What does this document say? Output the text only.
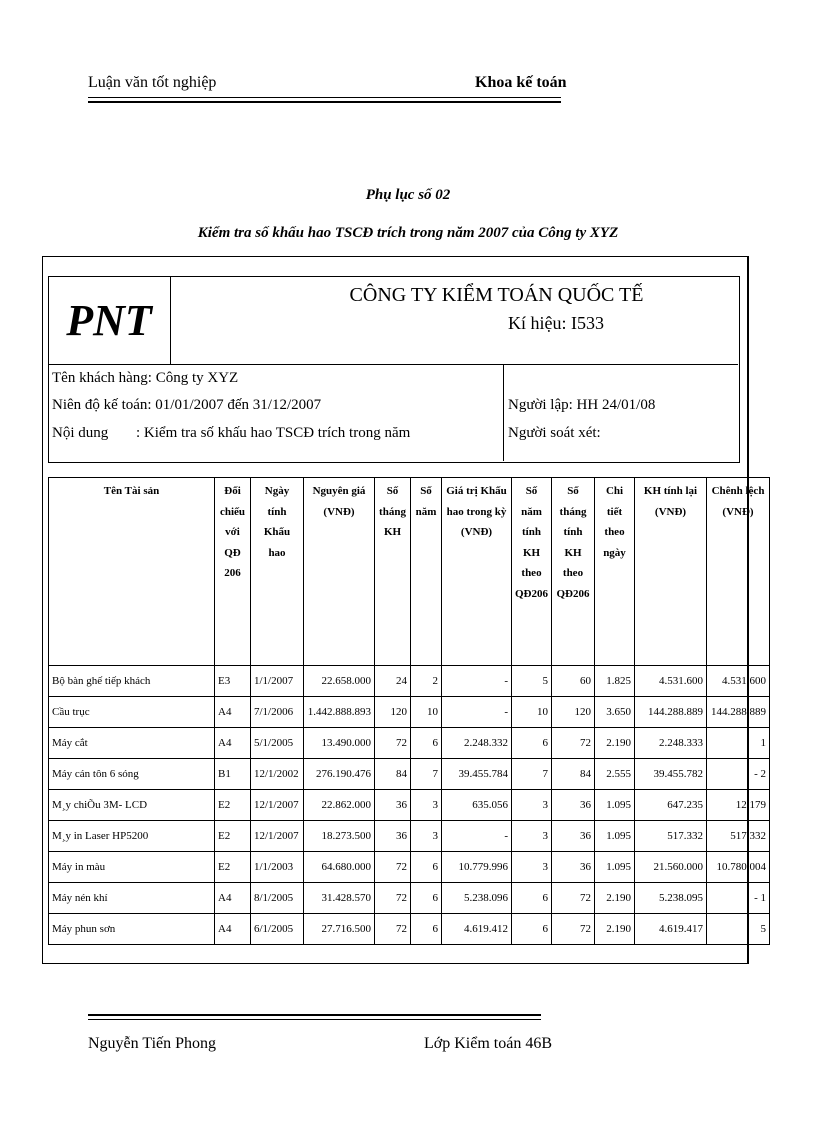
Luận văn tốt nghiệp	Khoa kế toán
Phụ lục số 02
Kiểm tra số khấu hao TSCĐ trích trong năm 2007 của Công ty XYZ
PNT
CÔNG TY KIỂM TOÁN QUỐC TẾ
Kí hiệu: I533
Tên khách hàng: Công ty XYZ
Niên độ kế toán: 01/01/2007 đến 31/12/2007
Nội dung : Kiểm tra số khấu hao TSCĐ trích trong năm
Người lập: HH 24/01/08
Người soát xét:
Tên Tài sản	Đối chiếu với QĐ 206	Ngày tính Khấu hao	Nguyên giá (VNĐ)	Số tháng KH	Số năm	Giá trị Khấu hao trong kỳ (VNĐ)	Số năm tính KH theo QĐ206	Số tháng tính KH theo QĐ206	Chi tiết theo ngày	KH tính lại (VNĐ)	Chênh lệch (VNĐ)
Bộ bàn ghế tiếp khách	E3	1/1/2007	22.658.000	24	2	-	5	60	1.825	4.531.600	4.531.600
Cầu trục	A4	7/1/2006	1.442.888.893	120	10	-	10	120	3.650	144.288.889	144.288.889
Máy cắt	A4	5/1/2005	13.490.000	72	6	2.248.332	6	72	2.190	2.248.333	1
Máy cán tôn 6 sóng	B1	12/1/2002	276.190.476	84	7	39.455.784	7	84	2.555	39.455.782	- 2
M¸y chiÕu 3M- LCD	E2	12/1/2007	22.862.000	36	3	635.056	3	36	1.095	647.235	12.179
M¸y in Laser HP5200	E2	12/1/2007	18.273.500	36	3	-	3	36	1.095	517.332	517.332
Máy in màu	E2	1/1/2003	64.680.000	72	6	10.779.996	3	36	1.095	21.560.000	10.780.004
Máy nén khí	A4	8/1/2005	31.428.570	72	6	5.238.096	6	72	2.190	5.238.095	- 1
Máy phun sơn	A4	6/1/2005	27.716.500	72	6	4.619.412	6	72	2.190	4.619.417	5
Nguyễn Tiến Phong	Lớp Kiểm toán 46B
